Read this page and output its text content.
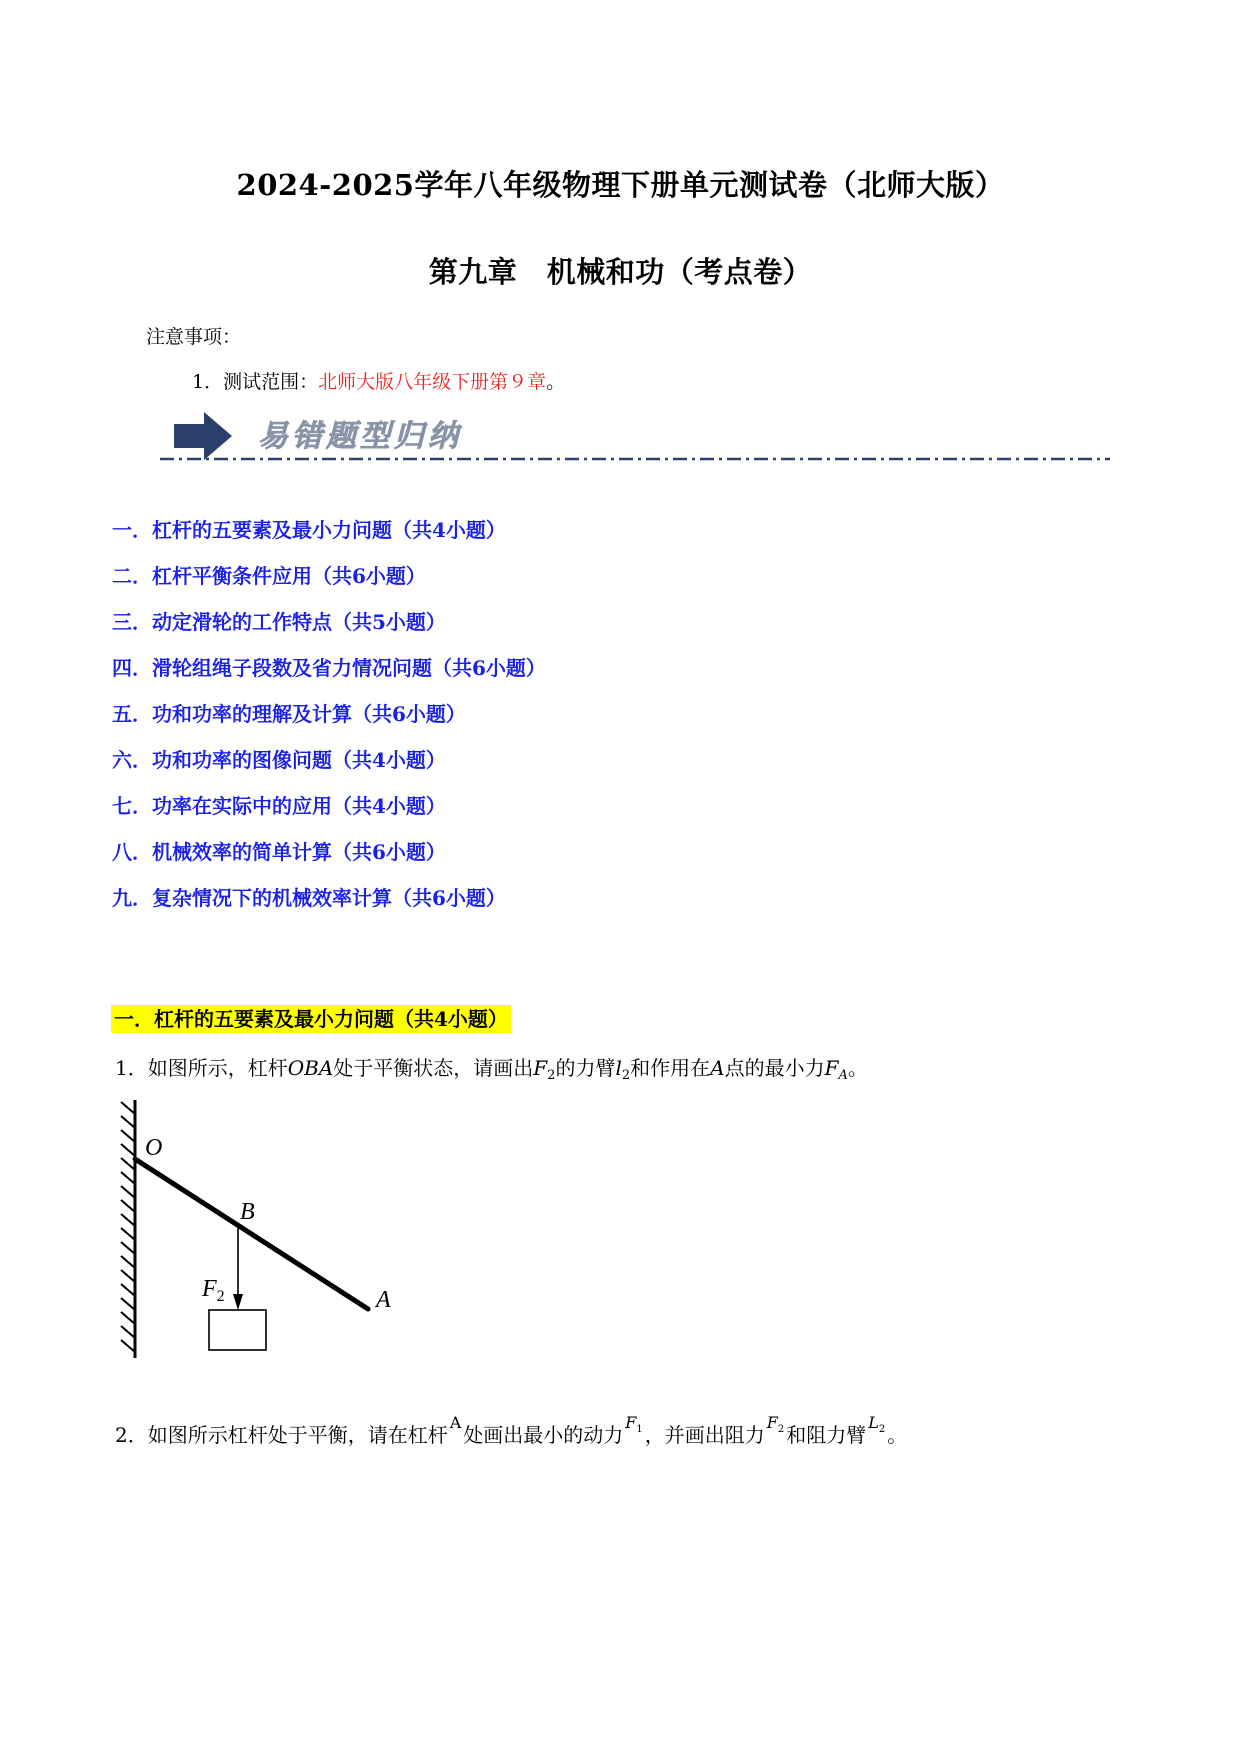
2024-2025学年八年级物理下册单元测试卷（北师大版）
第九章　机械和功（考点卷）
注意事项：
1．测试范围：北师大版八年级下册第９章。
易错题型归纳
一．杠杆的五要素及最小力问题（共4小题）
二．杠杆平衡条件应用（共6小题）
三．动定滑轮的工作特点（共5小题）
四．滑轮组绳子段数及省力情况问题（共6小题）
五．功和功率的理解及计算（共6小题）
六．功和功率的图像问题（共4小题）
七．功率在实际中的应用（共4小题）
八．机械效率的简单计算（共6小题）
九．复杂情况下的机械效率计算（共6小题）
一．杠杆的五要素及最小力问题（共4小题）
1．如图所示，杠杆OBA处于平衡状态，请画出$F_2$的力臂$l_2$和作用在A点的最小力$F_A$。
O
B
A
$F_2$
2．如图所示杠杆处于平衡，请在杠杆A处画出最小的动力$F_1$ ，并画出阻力$F_2$ 和阻力臂$L_2$ 。
